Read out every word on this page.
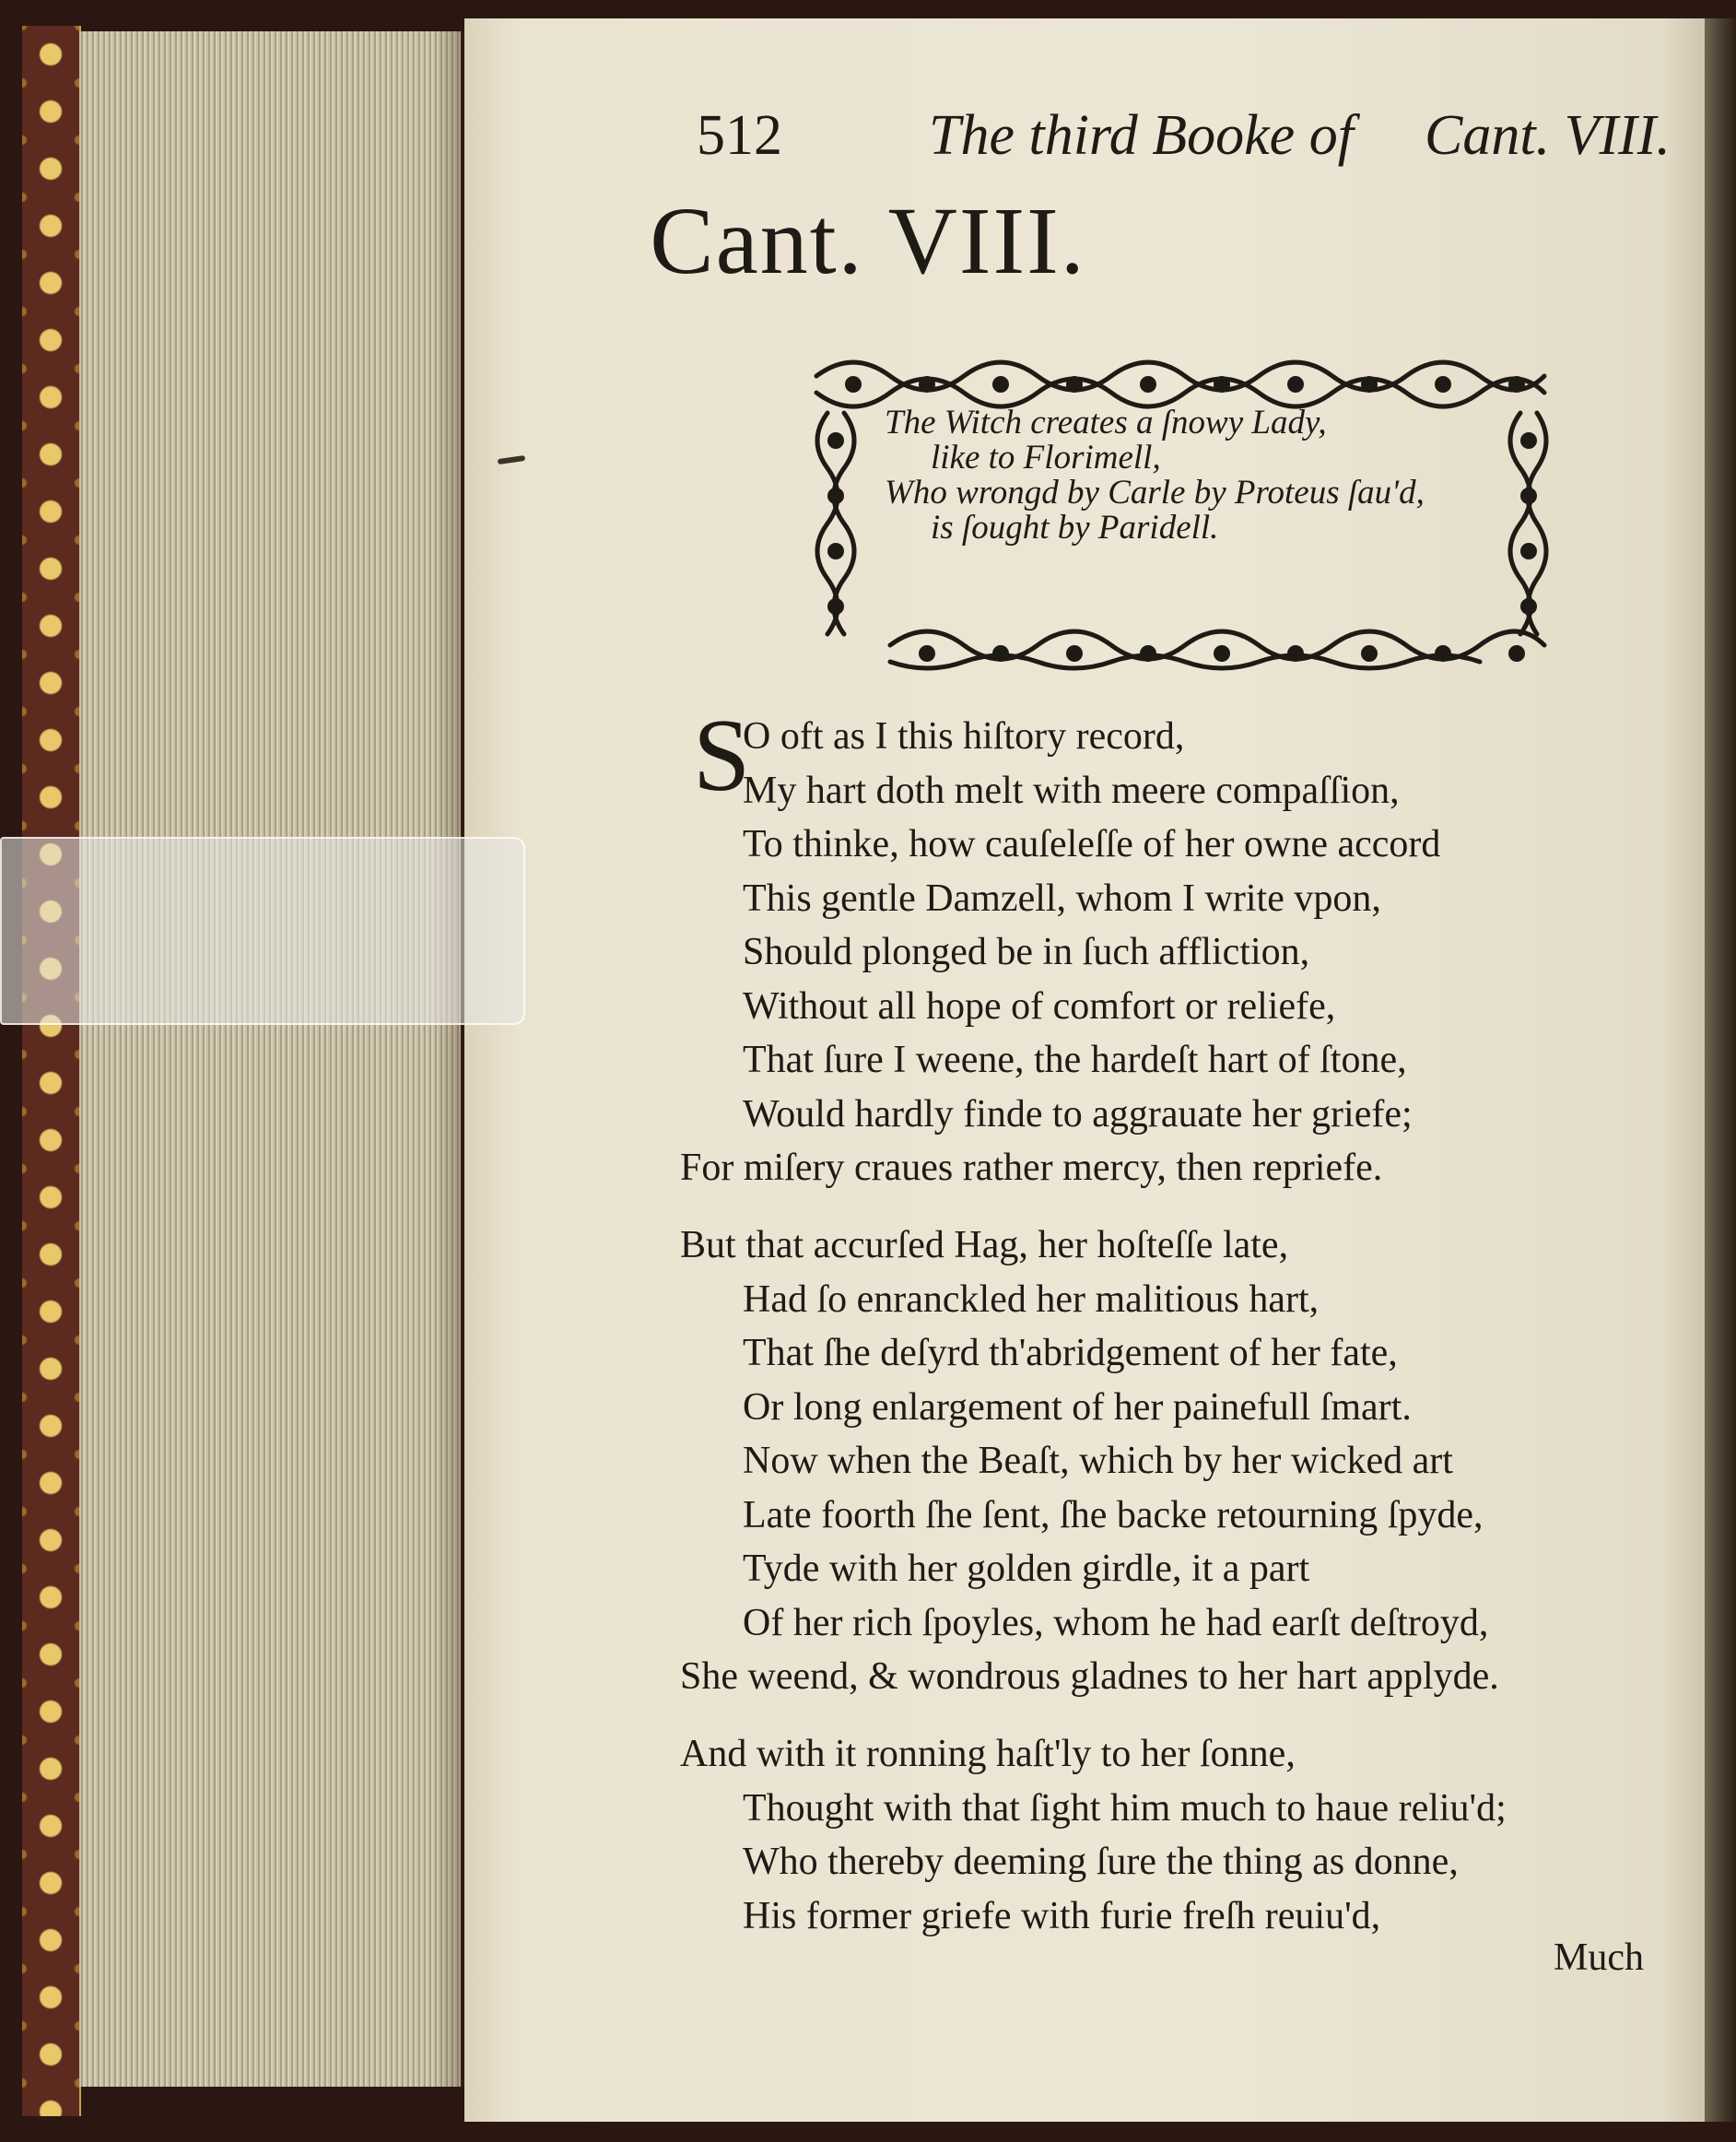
512	The third Booke of Cant. VIII.
Cant. VIII.
The Witch creates a ſnowy Lady,
like to Florimell,
Who wrongd by Carle by Proteus ſau'd,
is ſought by Paridell.
S
O oft as I this hiſtory record,
My hart doth melt with meere compaſſion,
To thinke, how cauſeleſſe of her owne accord
This gentle Damzell, whom I write vpon,
Should plonged be in ſuch affliction,
Without all hope of comfort or reliefe,
That ſure I weene, the hardeſt hart of ſtone,
Would hardly finde to aggrauate her griefe;
For miſery craues rather mercy, then repriefe.
But that accurſed Hag, her hoſteſſe late,
Had ſo enranckled her malitious hart,
That ſhe deſyrd th'abridgement of her fate,
Or long enlargement of her painefull ſmart.
Now when the Beaſt, which by her wicked art
Late foorth ſhe ſent, ſhe backe retourning ſpyde,
Tyde with her golden girdle, it a part
Of her rich ſpoyles, whom he had earſt deſtroyd,
She weend, & wondrous gladnes to her hart applyde.
And with it ronning haſt'ly to her ſonne,
Thought with that ſight him much to haue reliu'd;
Who thereby deeming ſure the thing as donne,
His former griefe with furie freſh reuiu'd,
Much
